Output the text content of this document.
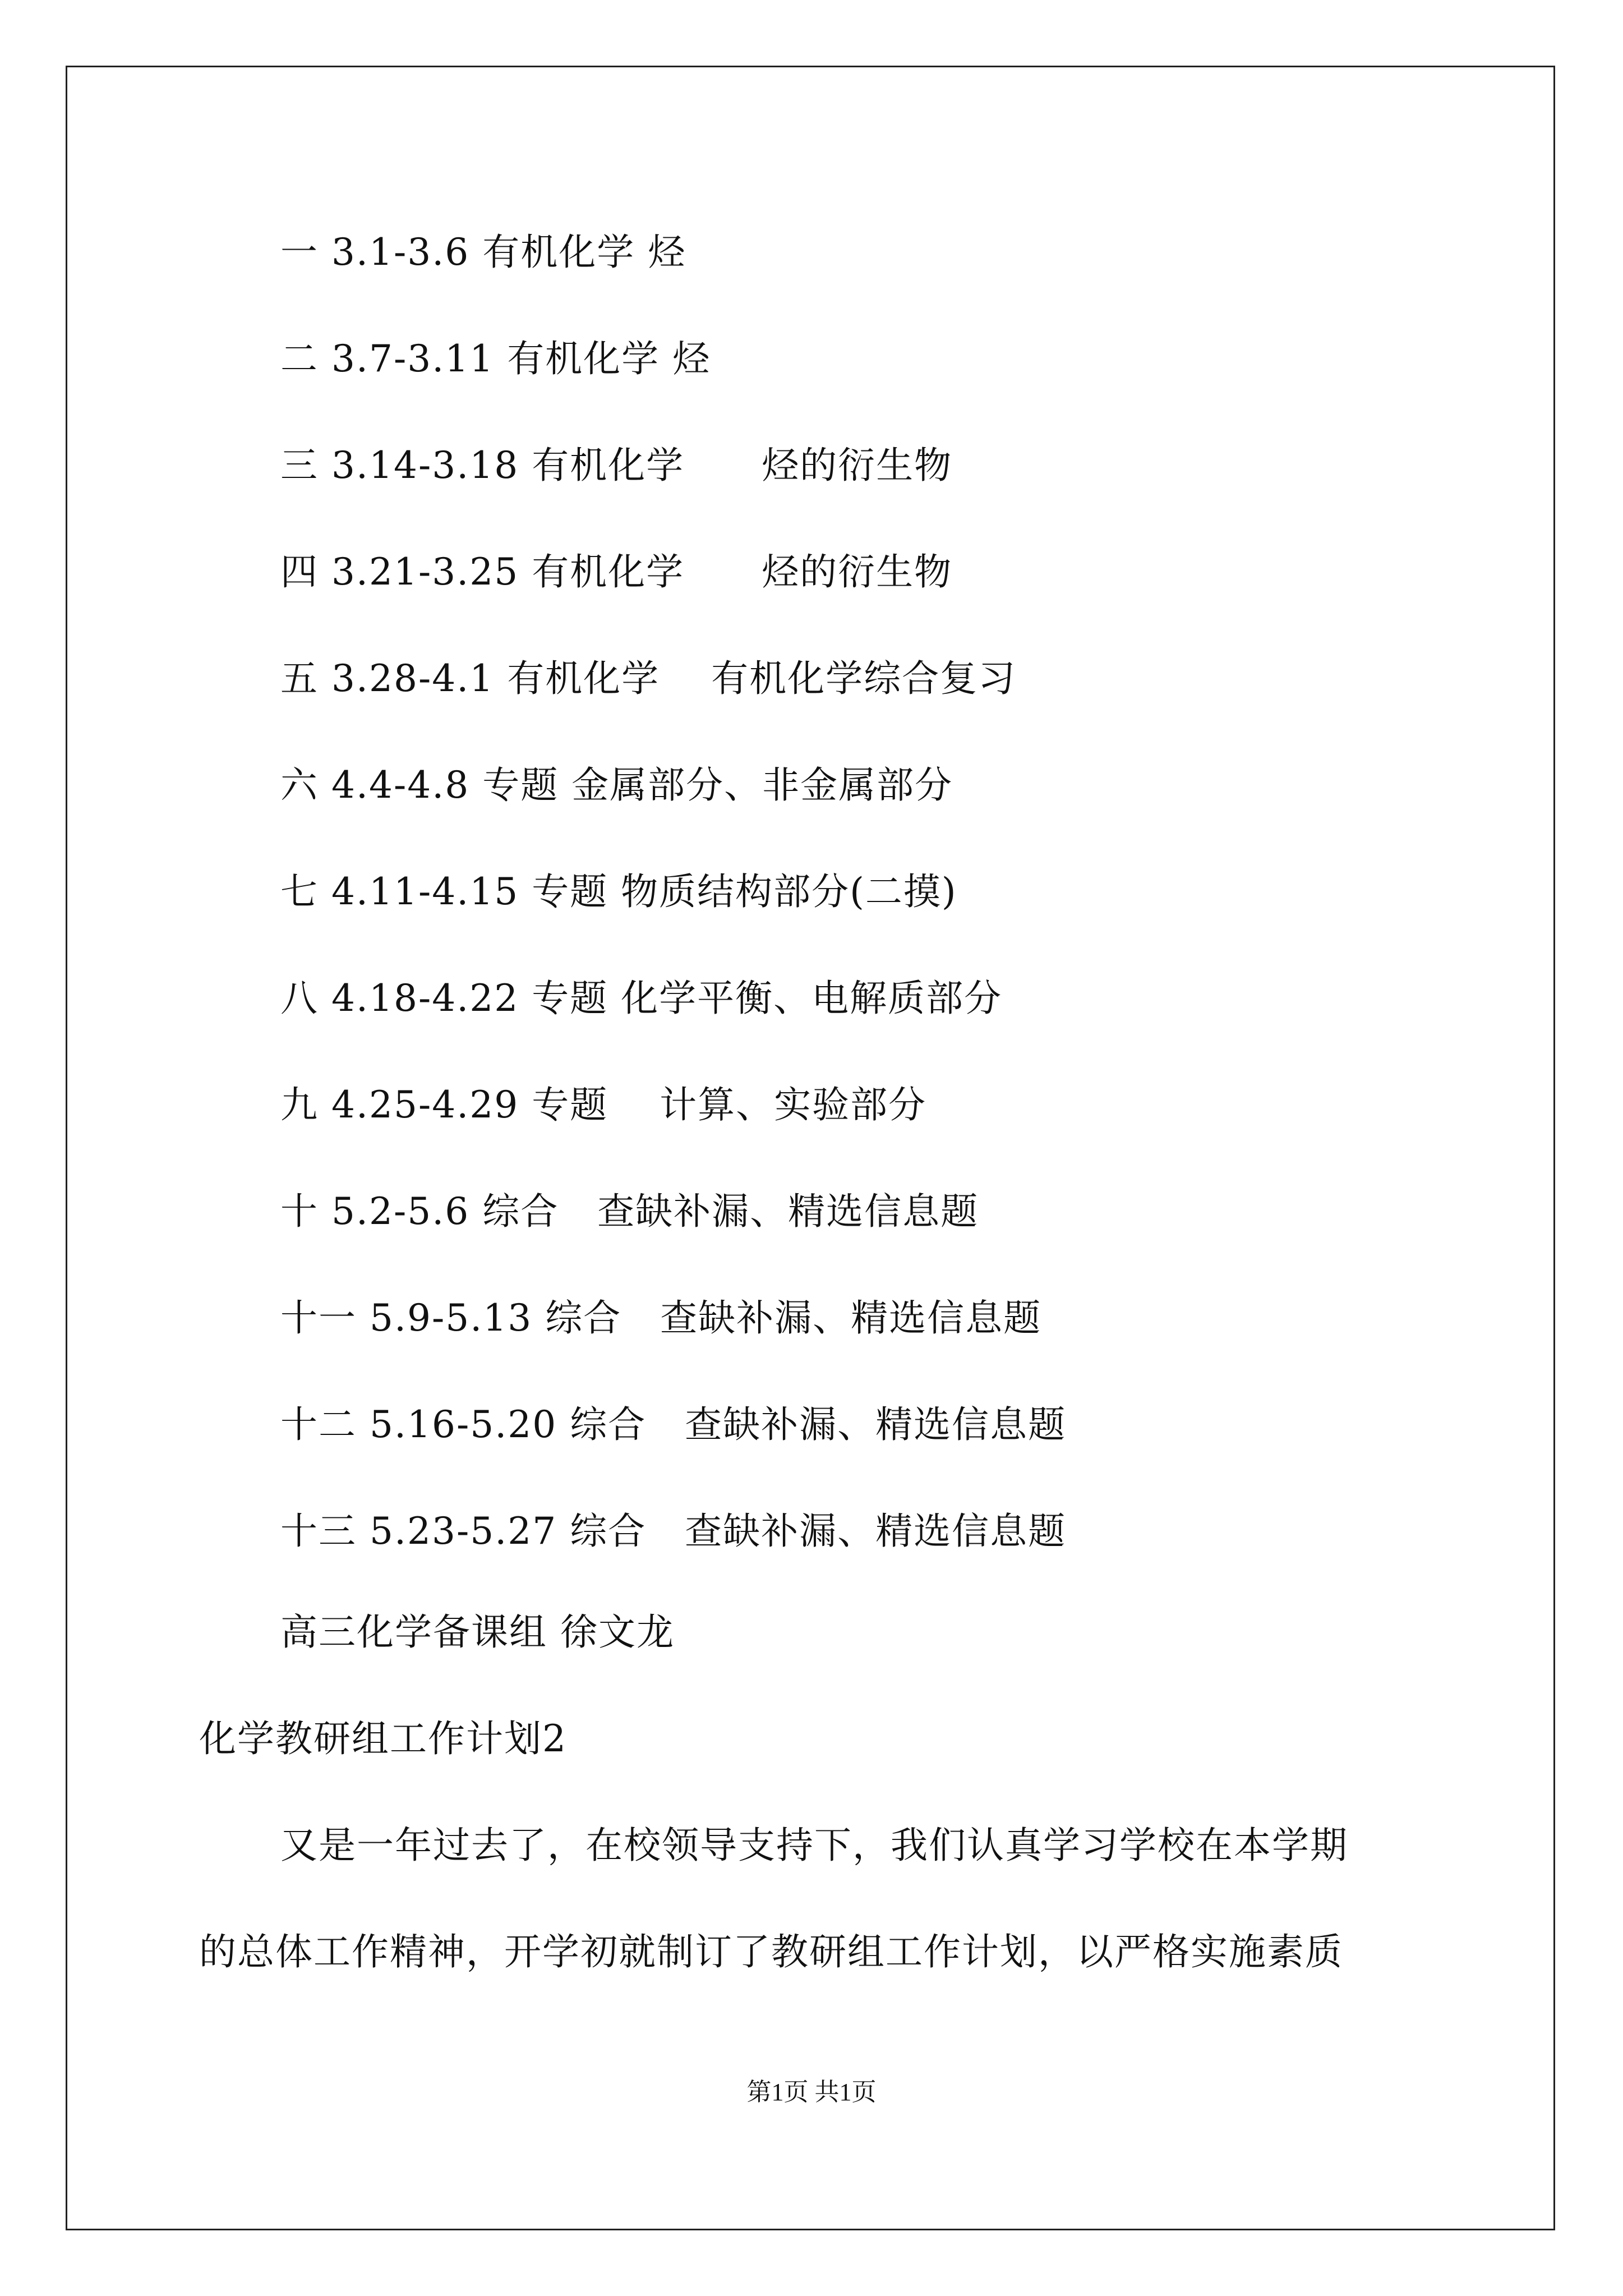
一 3.1-3.6 有机化学 烃
二 3.7-3.11 有机化学 烃
三 3.14-3.18 有机化学 烃的衍生物
四 3.21-3.25 有机化学 烃的衍生物
五 3.28-4.1 有机化学 有机化学综合复习
六 4.4-4.8 专题 金属部分、非金属部分
七 4.11-4.15 专题 物质结构部分(二摸)
八 4.18-4.22 专题 化学平衡、电解质部分
九 4.25-4.29 专题 计算、实验部分
十 5.2-5.6 综合 查缺补漏、精选信息题
十一 5.9-5.13 综合 查缺补漏、精选信息题
十二 5.16-5.20 综合 查缺补漏、精选信息题
十三 5.23-5.27 综合 查缺补漏、精选信息题
高三化学备课组 徐文龙
化学教研组工作计划2
又是一年过去了，在校领导支持下，我们认真学习学校在本学期
的总体工作精神，开学初就制订了教研组工作计划，以严格实施素质
第1页 共1页
